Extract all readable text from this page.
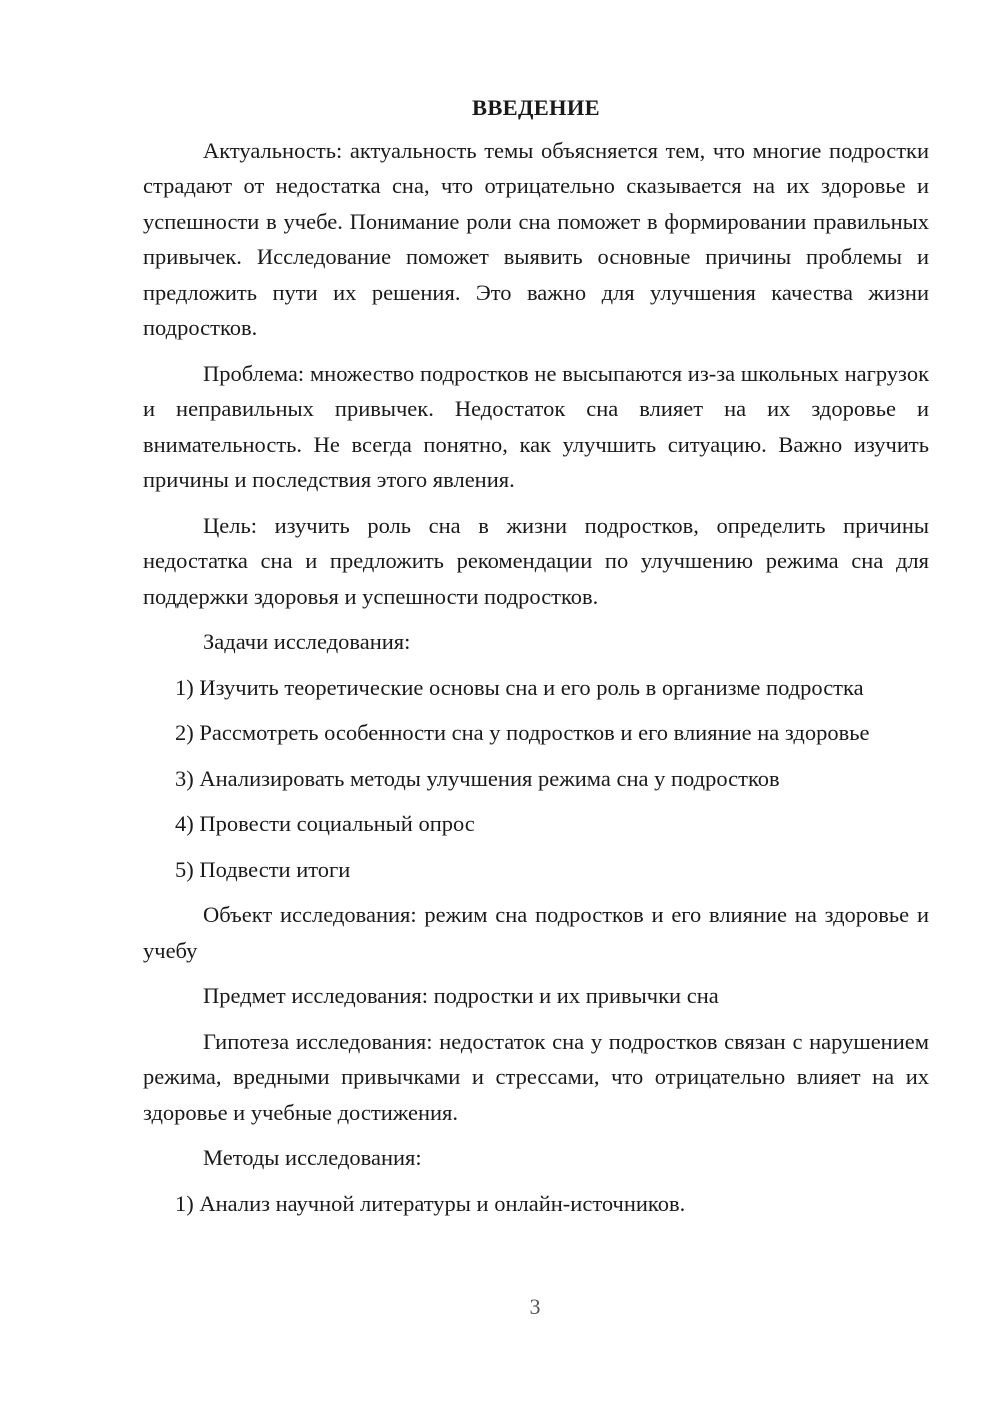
ВВЕДЕНИЕ
Актуальность: актуальность темы объясняется тем, что многие подростки страдают от недостатка сна, что отрицательно сказывается на их здоровье и успешности в учебе. Понимание роли сна поможет в формировании правильных привычек. Исследование поможет выявить основные причины проблемы и предложить пути их решения. Это важно для улучшения качества жизни подростков.
Проблема: множество подростков не высыпаются из-за школьных нагрузок и неправильных привычек. Недостаток сна влияет на их здоровье и внимательность. Не всегда понятно, как улучшить ситуацию. Важно изучить причины и последствия этого явления.
Цель: изучить роль сна в жизни подростков, определить причины недостатка сна и предложить рекомендации по улучшению режима сна для поддержки здоровья и успешности подростков.
Задачи исследования:
1) Изучить теоретические основы сна и его роль в организме подростка
2) Рассмотреть особенности сна у подростков и его влияние на здоровье
3) Анализировать методы улучшения режима сна у подростков
4) Провести социальный опрос
5) Подвести итоги
Объект исследования: режим сна подростков и его влияние на здоровье и учебу
Предмет исследования: подростки и их привычки сна
Гипотеза исследования: недостаток сна у подростков связан с нарушением режима, вредными привычками и стрессами, что отрицательно влияет на их здоровье и учебные достижения.
Методы исследования:
1) Анализ научной литературы и онлайн-источников.
3
